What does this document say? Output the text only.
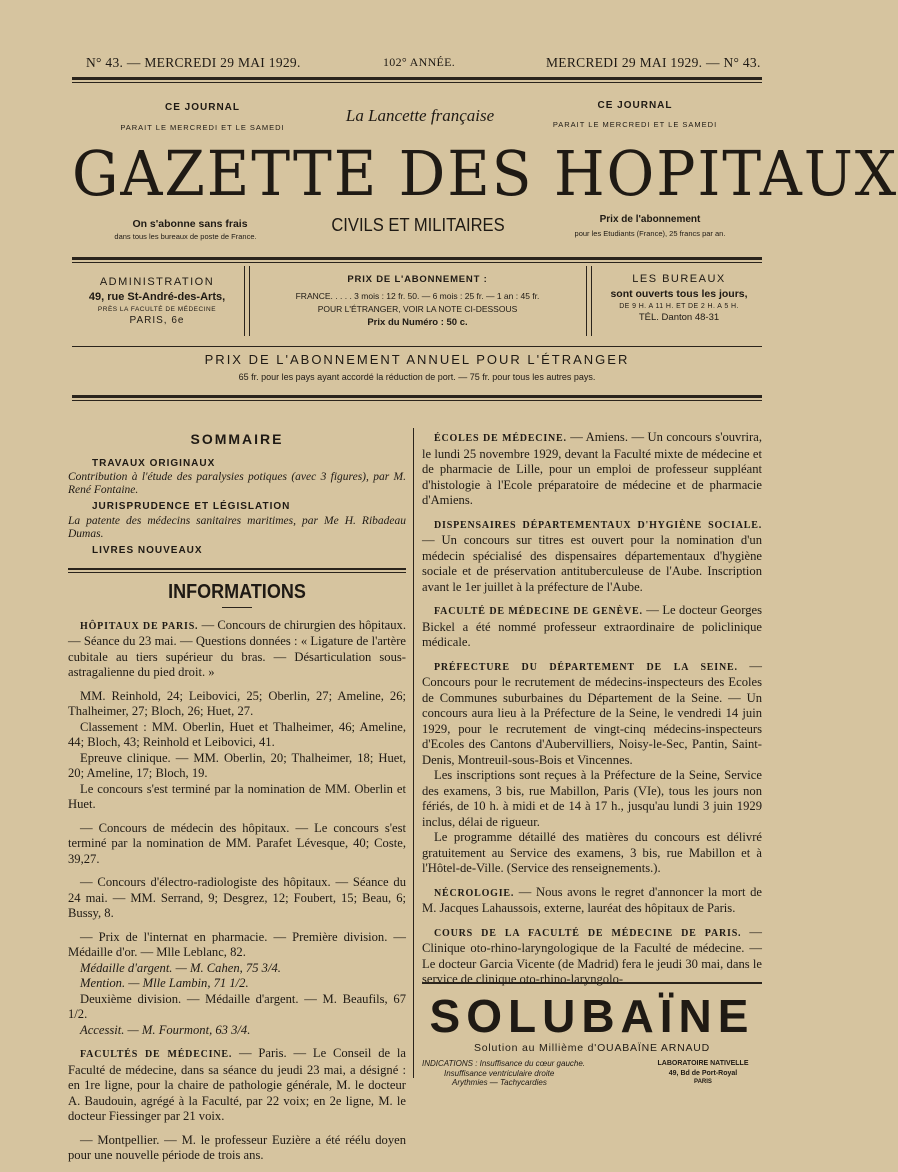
N° 43. — MERCREDI 29 MAI 1929.	102° ANNÉE.	MERCREDI 29 MAI 1929. — N° 43.
CE JOURNAL
PARAIT LE MERCREDI ET LE SAMEDI
La Lancette française
CE JOURNAL
PARAIT LE MERCREDI ET LE SAMEDI
GAZETTE DES HOPITAUX
On s'abonne sans frais
dans tous les bureaux de poste de France.
CIVILS ET MILITAIRES	Prix de l'abonnement
pour les Etudiants (France), 25 francs par an.
ADMINISTRATION
49, rue St-André-des-Arts,
PRÈS LA FACULTÉ DE MÉDECINE
PARIS, 6e
PRIX DE L'ABONNEMENT :
FRANCE. . . . . 3 mois : 12 fr. 50. — 6 mois : 25 fr. — 1 an : 45 fr.
POUR L'ÉTRANGER, VOIR LA NOTE CI-DESSOUS
Prix du Numéro : 50 c.
LES BUREAUX
sont ouverts tous les jours,
DE 9 H. A 11 H. ET DE 2 H. A 5 H.
TÉL. Danton 48-31
PRIX DE L'ABONNEMENT ANNUEL POUR L'ÉTRANGER
65 fr. pour les pays ayant accordé la réduction de port. — 75 fr. pour tous les autres pays.
SOMMAIRE
TRAVAUX ORIGINAUX
Contribution à l'étude des paralysies potiques (avec 3 figures), par M. René Fontaine.
JURISPRUDENCE ET LÉGISLATION
La patente des médecins sanitaires maritimes, par Me H. Ribadeau Dumas.
LIVRES NOUVEAUX
INFORMATIONS

HÔPITAUX DE PARIS. — Concours de chirurgien des hôpitaux. — Séance du 23 mai. — Questions données : « Ligature de l'artère cubitale au tiers supérieur du bras. — Désarticulation sous-astragalienne du pied droit. »

MM. Reinhold, 24; Leibovici, 25; Oberlin, 27; Ameline, 26; Thalheimer, 27; Bloch, 26; Huet, 27.

Classement : MM. Oberlin, Huet et Thalheimer, 46; Ameline, 44; Bloch, 43; Reinhold et Leibovici, 41.

Epreuve clinique. — MM. Oberlin, 20; Thalheimer, 18; Huet, 20; Ameline, 17; Bloch, 19.

Le concours s'est terminé par la nomination de MM. Oberlin et Huet.

— Concours de médecin des hôpitaux. — Le concours s'est terminé par la nomination de MM. Parafet Lévesque, 40; Coste, 39,27.

— Concours d'électro-radiologiste des hôpitaux. — Séance du 24 mai. — MM. Serrand, 9; Desgrez, 12; Foubert, 15; Beau, 6; Bussy, 8.

— Prix de l'internat en pharmacie. — Première division. — Médaille d'or. — Mlle Leblanc, 82.

Médaille d'argent. — M. Cahen, 75 3/4.

Mention. — Mlle Lambin, 71 1/2.

Deuxième division. — Médaille d'argent. — M. Beaufils, 67 1/2.

Accessit. — M. Fourmont, 63 3/4.

FACULTÉS DE MÉDECINE. — Paris. — Le Conseil de la Faculté de médecine, dans sa séance du jeudi 23 mai, a désigné : en 1re ligne, pour la chaire de pathologie générale, M. le docteur A. Baudouin, agrégé à la Faculté, par 22 voix; en 2e ligne, M. le docteur Fiessinger par 21 voix.

— Montpellier. — M. le professeur Euzière a été réélu doyen pour une nouvelle période de trois ans.

ÉCOLES DE MÉDECINE. — Amiens. — Un concours s'ouvrira, le lundi 25 novembre 1929, devant la Faculté mixte de médecine et de pharmacie de Lille, pour un emploi de professeur suppléant d'histologie à l'Ecole préparatoire de médecine et de pharmacie d'Amiens.

DISPENSAIRES DÉPARTEMENTAUX D'HYGIÈNE SOCIALE. — Un concours sur titres est ouvert pour la nomination d'un médecin spécialisé des dispensaires départementaux d'hygiène sociale et de préservation antituberculeuse de l'Aube. Inscription avant le 1er juillet à la préfecture de l'Aube.

FACULTÉ DE MÉDECINE DE GENÈVE. — Le docteur Georges Bickel a été nommé professeur extraordinaire de policlinique médicale.

PRÉFECTURE DU DÉPARTEMENT DE LA SEINE. — Concours pour le recrutement de médecins-inspecteurs des Ecoles de Communes suburbaines du Département de la Seine. — Un concours aura lieu à la Préfecture de la Seine, le vendredi 14 juin 1929, pour le recrutement de vingt-cinq médecins-inspecteurs d'Ecoles des Cantons d'Aubervilliers, Noisy-le-Sec, Pantin, Saint-Denis, Montreuil-sous-Bois et Vincennes.

Les inscriptions sont reçues à la Préfecture de la Seine, Service des examens, 3 bis, rue Mabillon, Paris (VIe), tous les jours non fériés, de 10 h. à midi et de 14 à 17 h., jusqu'au lundi 3 juin 1929 inclus, délai de rigueur.

Le programme détaillé des matières du concours est délivré gratuitement au Service des examens, 3 bis, rue Mabillon et à l'Hôtel-de-Ville. (Service des renseignements.).

NÉCROLOGIE. — Nous avons le regret d'annoncer la mort de M. Jacques Lahaussois, externe, lauréat des hôpitaux de Paris.

COURS DE LA FACULTÉ DE MÉDECINE DE PARIS. — Clinique oto-rhino-laryngologique de la Faculté de médecine. — Le docteur Garcia Vicente (de Madrid) fera le jeudi 30 mai, dans le service de clinique oto-rhino-laryngolo-

SOLUBAÏNE
Solution au Millième d'OUABAÏNE ARNAUD
INDICATIONS : Insuffisance du cœur gauche.
Insuffisance ventriculaire droite
Arythmies — Tachycardies
LABORATOIRE NATIVELLE
49, Bd de Port-Royal
PARIS
